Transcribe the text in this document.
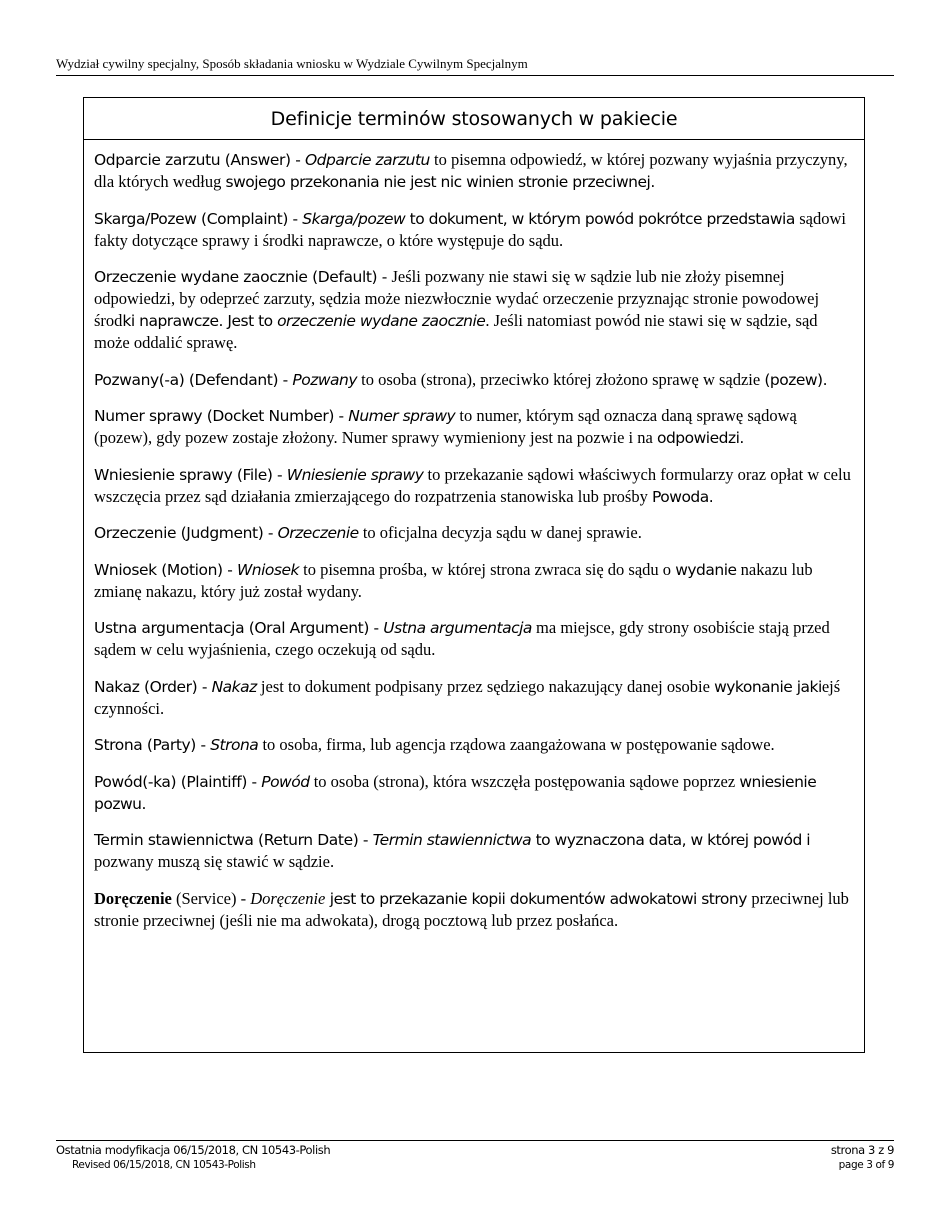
Wydział cywilny specjalny, Sposób składania wniosku w Wydziale Cywilnym Specjalnym
Definicje terminów stosowanych w pakiecie

Odparcie zarzutu (Answer) - Odparcie zarzutu to pisemna odpowiedź, w której pozwany wyjaśnia przyczyny, dla których według swojego przekonania nie jest nic winien stronie przeciwnej.

Skarga/Pozew (Complaint) - Skarga/pozew to dokument, w którym powód pokrótce przedstawia sądowi fakty dotyczące sprawy i środki naprawcze, o które występuje do sądu.

Orzeczenie wydane zaocznie (Default) - Jeśli pozwany nie stawi się w sądzie lub nie złoży pisemnej odpowiedzi, by odeprzeć zarzuty, sędzia może niezwłocznie wydać orzeczenie przyznając stronie powodowej środki naprawcze. Jest to orzeczenie wydane zaocznie. Jeśli natomiast powód nie stawi się w sądzie, sąd może oddalić sprawę.

Pozwany(-a) (Defendant) - Pozwany to osoba (strona), przeciwko której złożono sprawę w sądzie (pozew).

Numer sprawy (Docket Number) - Numer sprawy to numer, którym sąd oznacza daną sprawę sądową (pozew), gdy pozew zostaje złożony. Numer sprawy wymieniony jest na pozwie i na odpowiedzi.

Wniesienie sprawy (File) - Wniesienie sprawy to przekazanie sądowi właściwych formularzy oraz opłat w celu wszczęcia przez sąd działania zmierzającego do rozpatrzenia stanowiska lub prośby Powoda.

Orzeczenie (Judgment) - Orzeczenie to oficjalna decyzja sądu w danej sprawie.

Wniosek (Motion) - Wniosek to pisemna prośba, w której strona zwraca się do sądu o wydanie nakazu lub zmianę nakazu, który już został wydany.

Ustna argumentacja (Oral Argument) - Ustna argumentacja ma miejsce, gdy strony osobiście stają przed sądem w celu wyjaśnienia, czego oczekują od sądu.

Nakaz (Order) - Nakaz jest to dokument podpisany przez sędziego nakazujący danej osobie wykonanie jakiejś czynności.

Strona (Party) - Strona to osoba, firma, lub agencja rządowa zaangażowana w postępowanie sądowe.

Powód(-ka) (Plaintiff) - Powód to osoba (strona), która wszczęła postępowania sądowe poprzez wniesienie pozwu.

Termin stawiennictwa (Return Date) - Termin stawiennictwa to wyznaczona data, w której powód i pozwany muszą się stawić w sądzie.

Doręczenie (Service) - Doręczenie jest to przekazanie kopii dokumentów adwokatowi strony przeciwnej lub stronie przeciwnej (jeśli nie ma adwokata), drogą pocztową lub przez posłańca.

Ostatnia modyfikacja 06/15/2018, CN 10543-Polish	strona 3 z 9
Revised 06/15/2018, CN 10543-Polish	page 3 of 9
